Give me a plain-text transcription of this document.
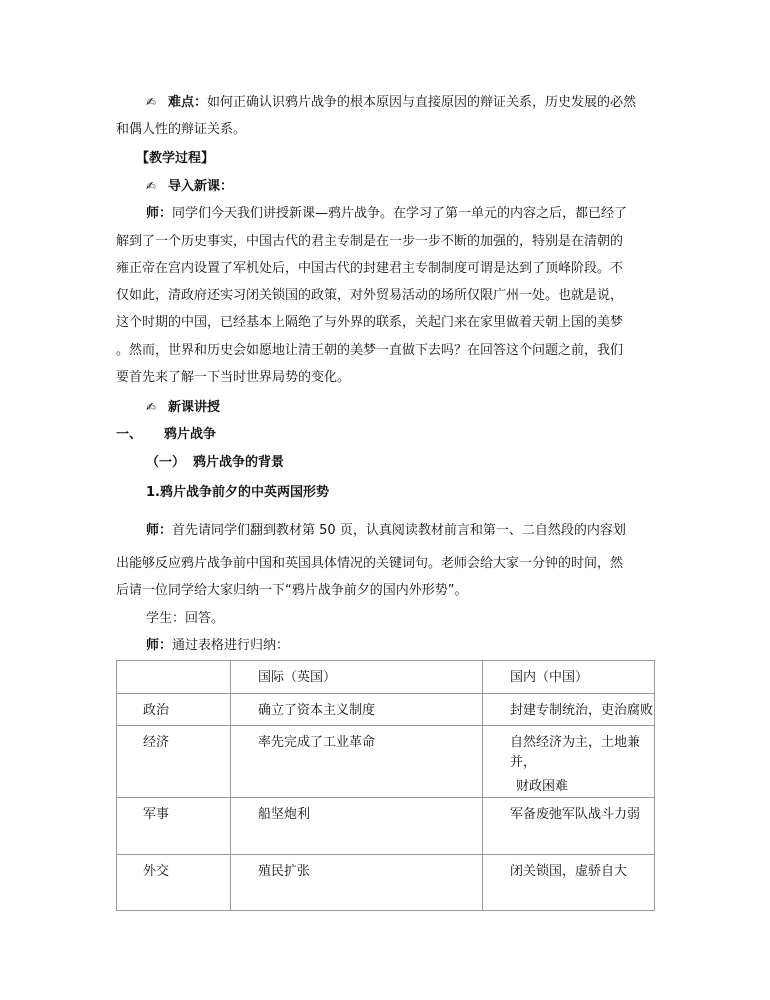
✍ 难点：如何正确认识鸦片战争的根本原因与直接原因的辩证关系，历史发展的必然
和偶人性的辩证关系。
【教学过程】
✍ 导入新课：
师：同学们今天我们讲授新课—鸦片战争。在学习了第一单元的内容之后，都已经了
解到了一个历史事实，中国古代的君主专制是在一步一步不断的加强的，特别是在清朝的
雍正帝在宫内设置了军机处后，中国古代的封建君主专制制度可谓是达到了顶峰阶段。不
仅如此，清政府还实习闭关锁国的政策，对外贸易活动的场所仅限广州一处。也就是说，
这个时期的中国，已经基本上隔绝了与外界的联系，关起门来在家里做着天朝上国的美梦
。然而，世界和历史会如愿地让清王朝的美梦一直做下去吗？在回答这个问题之前，我们
要首先来了解一下当时世界局势的变化。
✍ 新课讲授
一、 鸦片战争
（一） 鸦片战争的背景
1.鸦片战争前夕的中英两国形势
师：首先请同学们翻到教材第 50 页，认真阅读教材前言和第一、二自然段的内容划
出能够反应鸦片战争前中国和英国具体情况的关键词句。老师会给大家一分钟的时间，然
后请一位同学给大家归纳一下“鸦片战争前夕的国内外形势”。
学生：回答。
师：通过表格进行归纳：
	国际（英国）	国内（中国）
政治	确立了资本主义制度	封建专制统治，吏治腐败
经济	率先完成了工业革命	自然经济为主，土地兼并，
财政困难

军事	船坚炮利	军备废弛军队战斗力弱
外交	殖民扩张	闭关锁国，虚骄自大
